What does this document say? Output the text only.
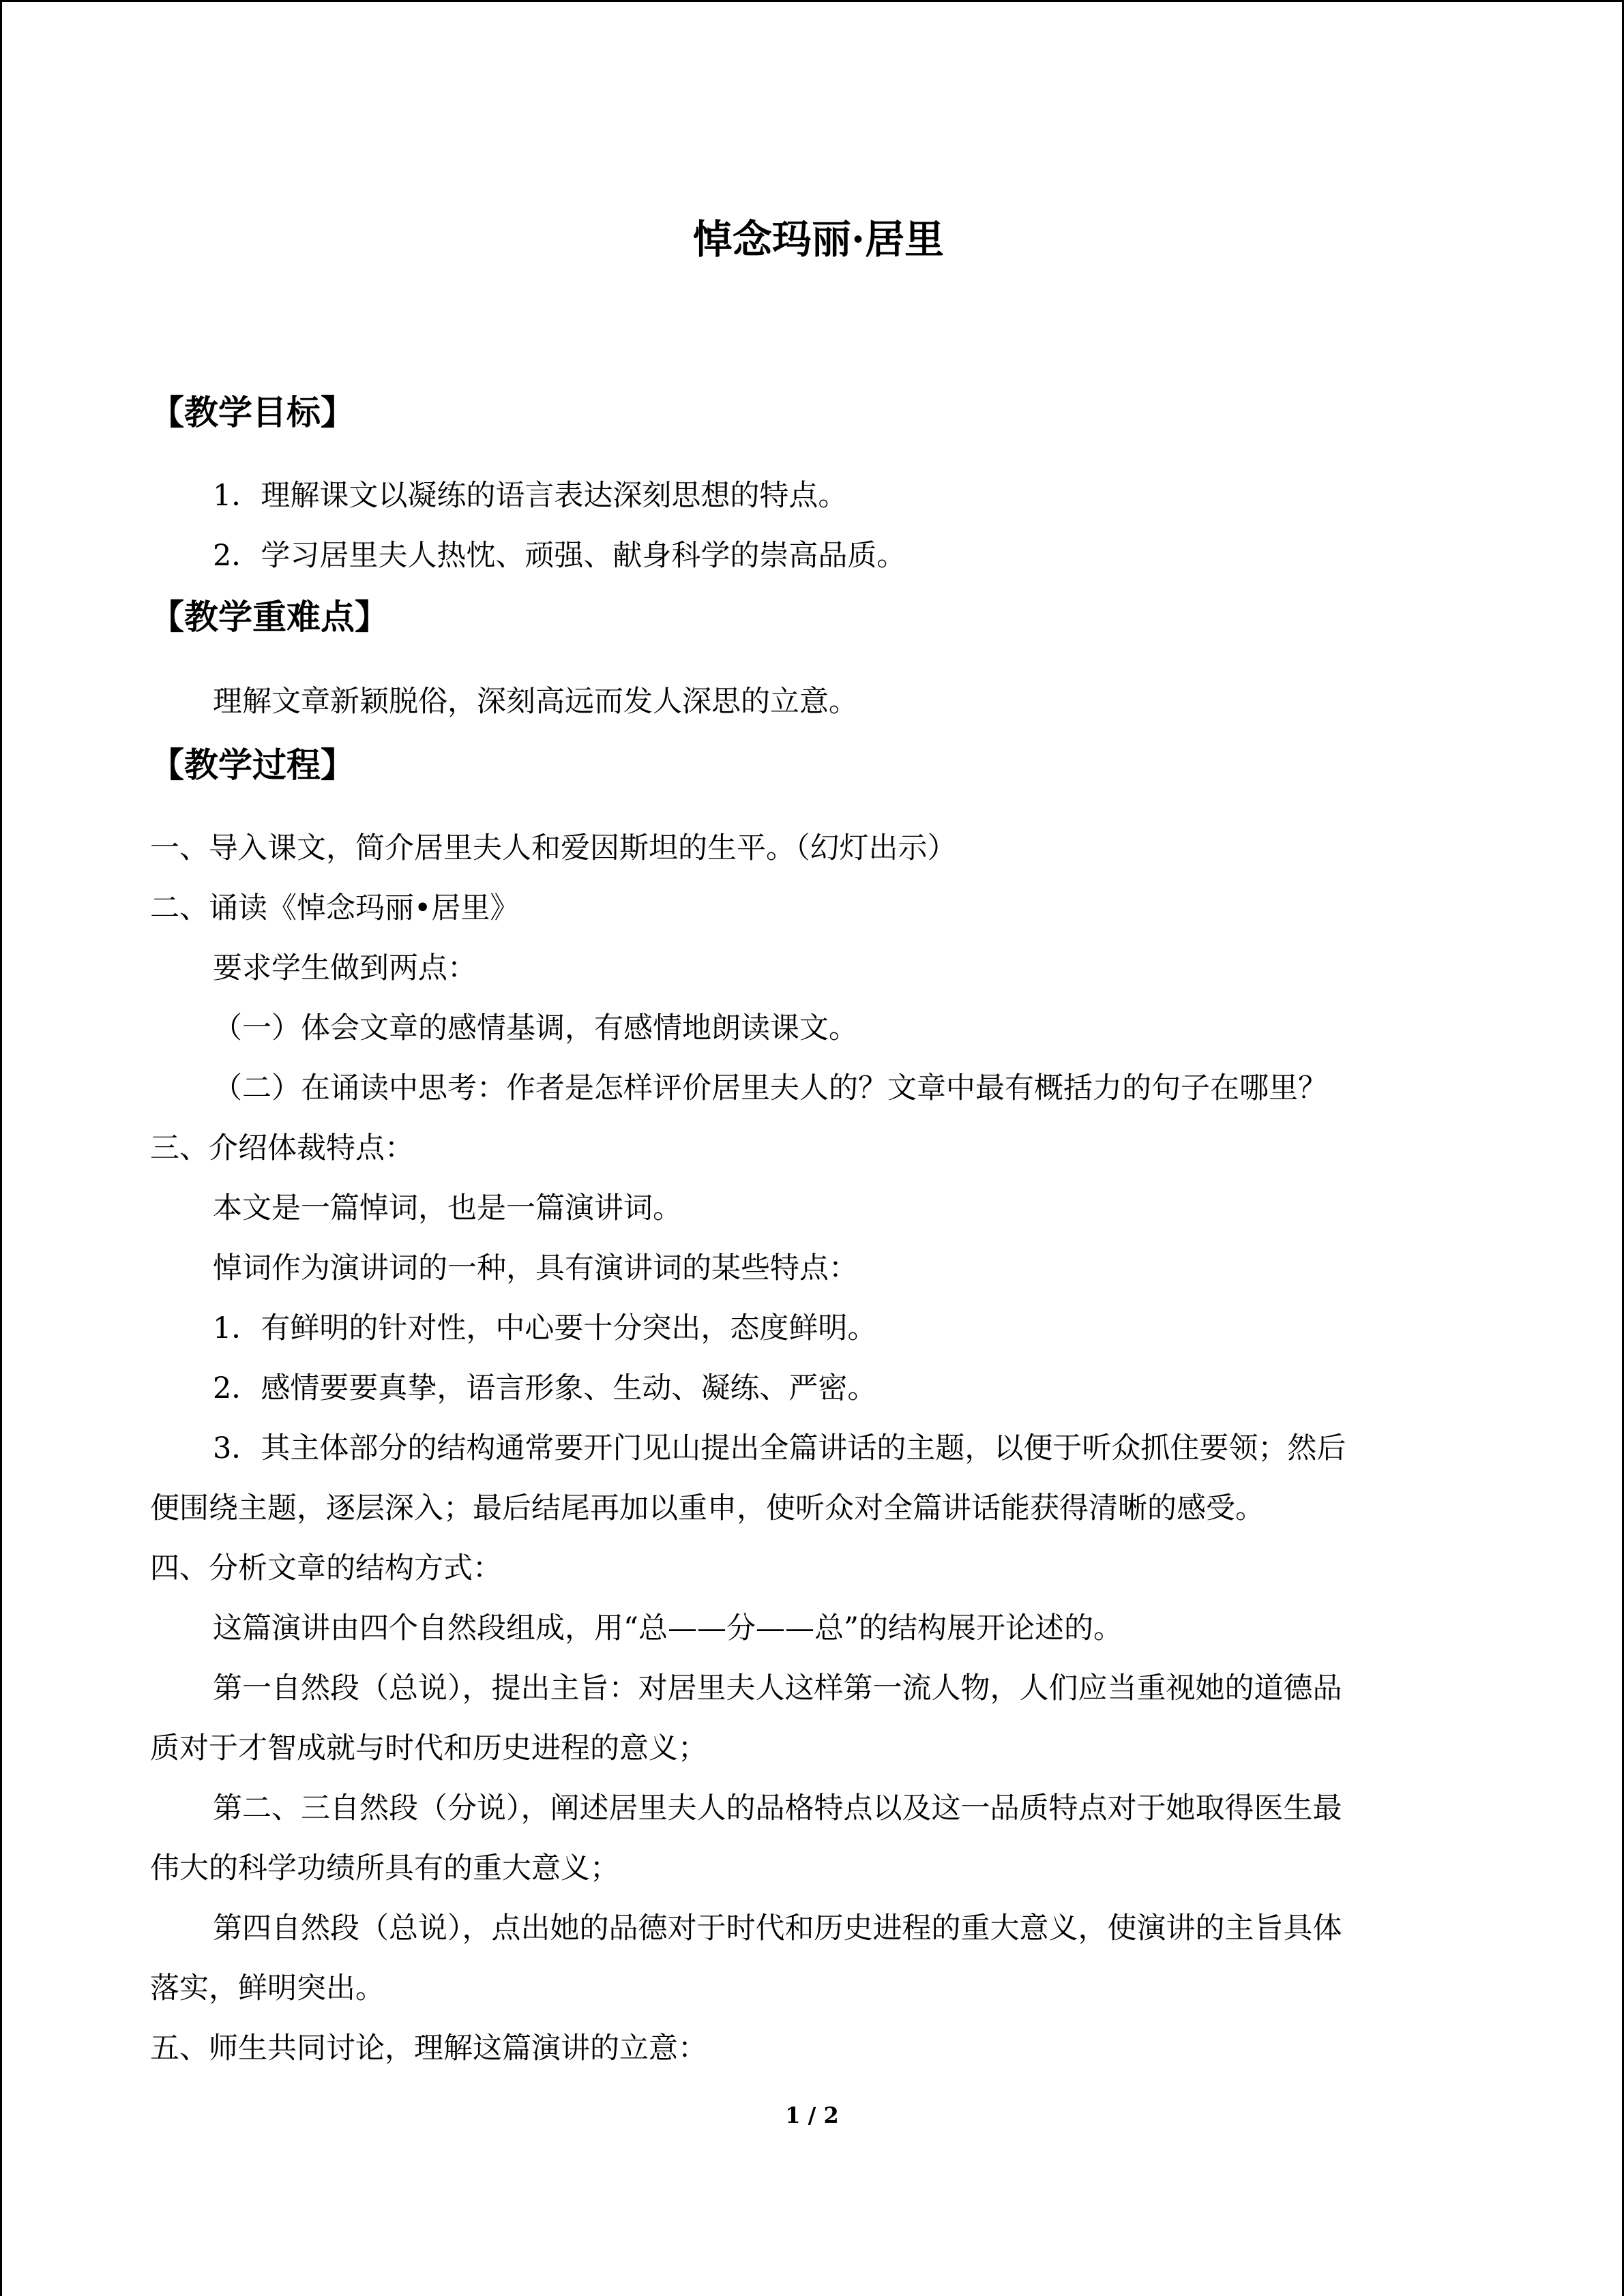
悼念玛丽·居里
【教学目标】

1．理解课文以凝练的语言表达深刻思想的特点。

2．学习居里夫人热忱、顽强、献身科学的崇高品质。

【教学重难点】

理解文章新颖脱俗，深刻高远而发人深思的立意。

【教学过程】

一、导入课文，简介居里夫人和爱因斯坦的生平。（幻灯出示）

二、诵读《悼念玛丽•居里》

要求学生做到两点：

（一）体会文章的感情基调，有感情地朗读课文。

（二）在诵读中思考：作者是怎样评价居里夫人的？文章中最有概括力的句子在哪里？

三、介绍体裁特点：

本文是一篇悼词，也是一篇演讲词。

悼词作为演讲词的一种，具有演讲词的某些特点：

1．有鲜明的针对性，中心要十分突出，态度鲜明。

2．感情要要真挚，语言形象、生动、凝练、严密。

3．其主体部分的结构通常要开门见山提出全篇讲话的主题，以便于听众抓住要领；然后

便围绕主题，逐层深入；最后结尾再加以重申，使听众对全篇讲话能获得清晰的感受。

四、分析文章的结构方式：

这篇演讲由四个自然段组成，用“总——分——总”的结构展开论述的。

第一自然段（总说），提出主旨：对居里夫人这样第一流人物，人们应当重视她的道德品

质对于才智成就与时代和历史进程的意义；

第二、三自然段（分说），阐述居里夫人的品格特点以及这一品质特点对于她取得医生最

伟大的科学功绩所具有的重大意义；

第四自然段（总说），点出她的品德对于时代和历史进程的重大意义，使演讲的主旨具体

落实，鲜明突出。

五、师生共同讨论，理解这篇演讲的立意：

1 / 2
